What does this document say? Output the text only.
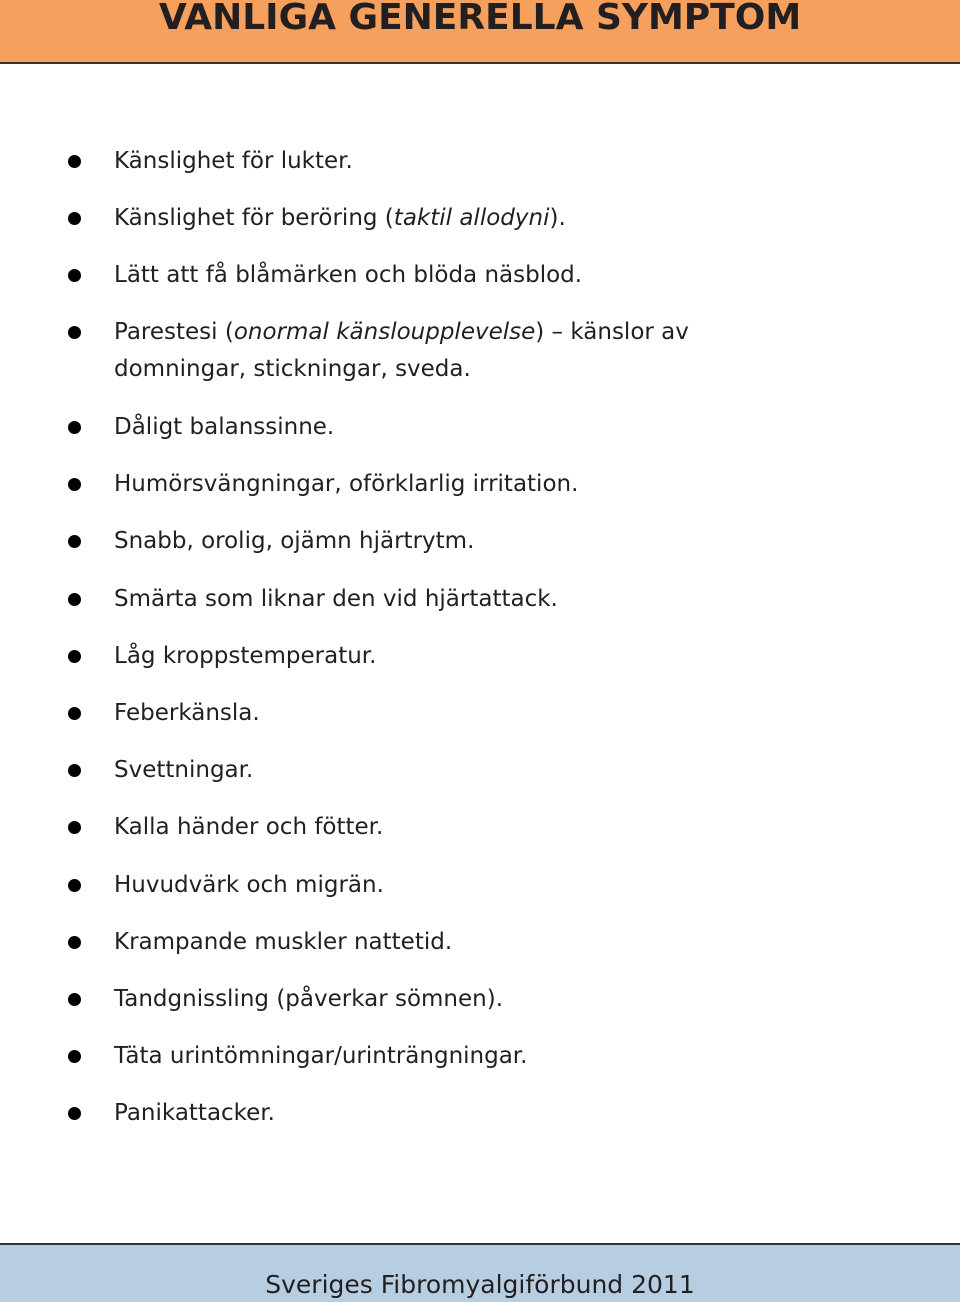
VANLIGA GENERELLA SYMPTOM
Känslighet för lukter.
Känslighet för beröring (taktil allodyni).
Lätt att få blåmärken och blöda näsblod.
Parestesi (onormal känsloupplevelse) – känslor av
domningar, stickningar, sveda.
Dåligt balanssinne.
Humörsvängningar, oförklarlig irritation.
Snabb, orolig, ojämn hjärtrytm.
Smärta som liknar den vid hjärtattack.
Låg kroppstemperatur.
Feberkänsla.
Svettningar.
Kalla händer och fötter.
Huvudvärk och migrän.
Krampande muskler nattetid.
Tandgnissling (påverkar sömnen).
Täta urintömningar/urinträngningar.
Panikattacker.
Sveriges Fibromyalgiförbund 2011
